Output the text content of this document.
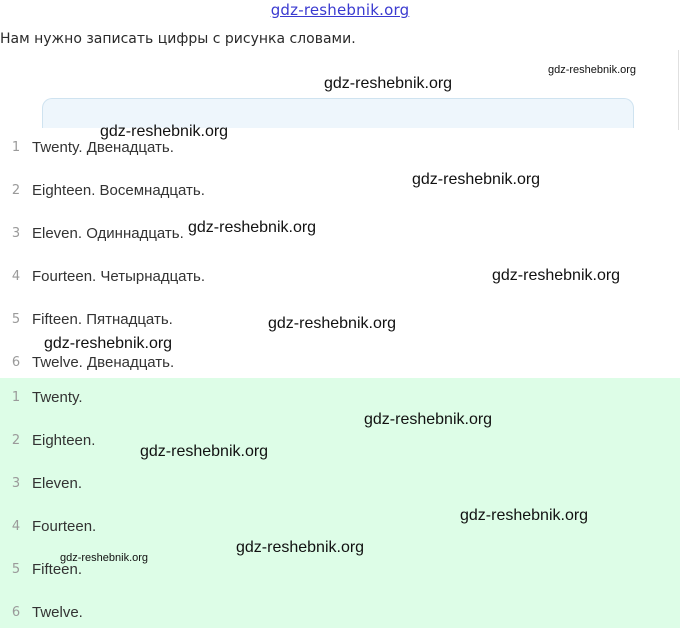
gdz-reshebnik.org
Нам нужно записать цифры с рисунка словами.
1 Twenty. Двенадцать.
2 Eighteen. Восемнадцать.
3 Eleven. Одиннадцать.
4 Fourteen. Четырнадцать.
5 Fifteen. Пятнадцать.
6 Twelve. Двенадцать.
1 Twenty.
2 Eighteen.
3 Eleven.
4 Fourteen.
5 Fifteen.
6 Twelve.
gdz-reshebnik.org
gdz-reshebnik.org
gdz-reshebnik.org
gdz-reshebnik.org
gdz-reshebnik.org
gdz-reshebnik.org
gdz-reshebnik.org
gdz-reshebnik.org
gdz-reshebnik.org
gdz-reshebnik.org
gdz-reshebnik.org
gdz-reshebnik.org
gdz-reshebnik.org
